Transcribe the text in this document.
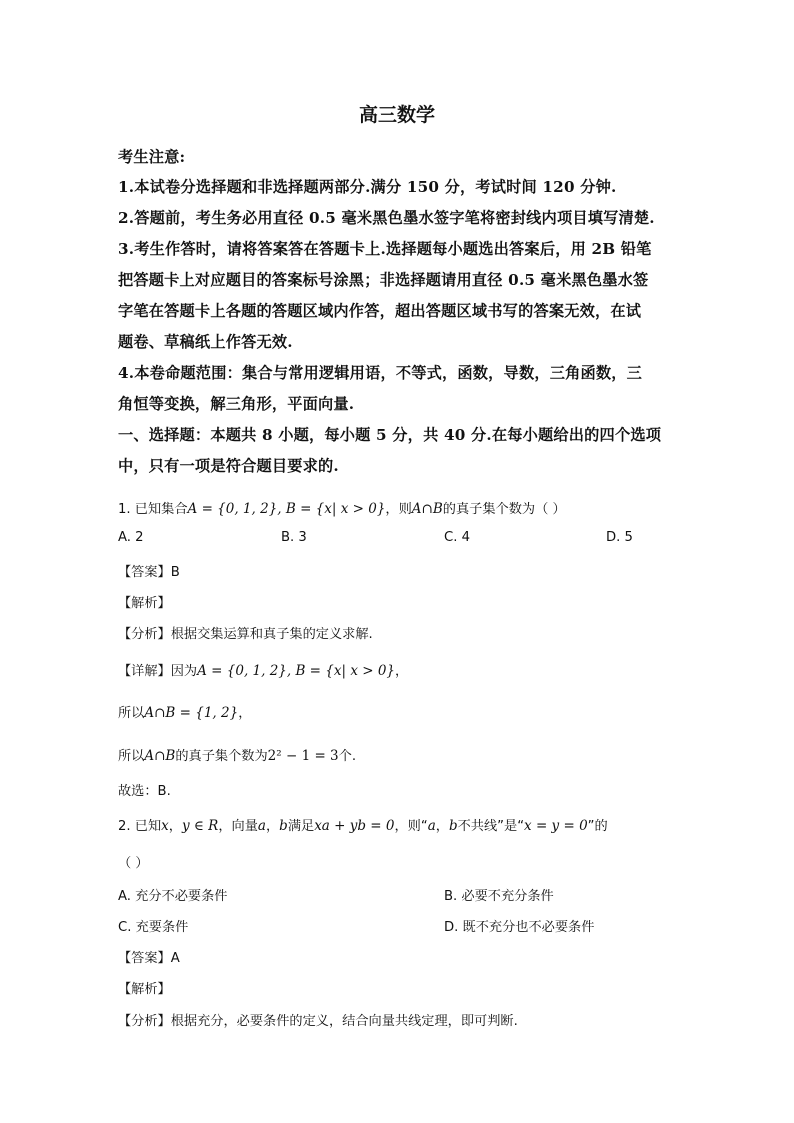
高三数学
考生注意:
1.本试卷分选择题和非选择题两部分.满分 150 分，考试时间 120 分钟.
2.答题前，考生务必用直径 0.5 毫米黑色墨水签字笔将密封线内项目填写清楚.
3.考生作答时，请将答案答在答题卡上.选择题每小题选出答案后，用 2B 铅笔
把答题卡上对应题目的答案标号涂黑；非选择题请用直径 0.5 毫米黑色墨水签
字笔在答题卡上各题的答题区域内作答，超出答题区域书写的答案无效，在试
题卷、草稿纸上作答无效.
4.本卷命题范围：集合与常用逻辑用语，不等式，函数，导数，三角函数，三
角恒等变换，解三角形，平面向量.
一、选择题：本题共 8 小题，每小题 5 分，共 40 分.在每小题给出的四个选项
中，只有一项是符合题目要求的.
1. 已知集合A = {0, 1, 2}, B = {x| x > 0}，则A∩B的真子集个数为（ ）
A. 2	B. 3	C. 4	D. 5
【答案】B
【解析】
【分析】根据交集运算和真子集的定义求解.
【详解】因为A = {0, 1, 2}, B = {x| x > 0}，
所以A∩B = {1, 2}，
所以A∩B的真子集个数为2² − 1 = 3个.
故选：B.
2. 已知x，y ∈ R，向量a，b满足xa + yb = 0，则“a，b不共线”是“x = y = 0”的
（ ）
A. 充分不必要条件	B. 必要不充分条件
C. 充要条件	D. 既不充分也不必要条件
【答案】A
【解析】
【分析】根据充分，必要条件的定义，结合向量共线定理，即可判断.
